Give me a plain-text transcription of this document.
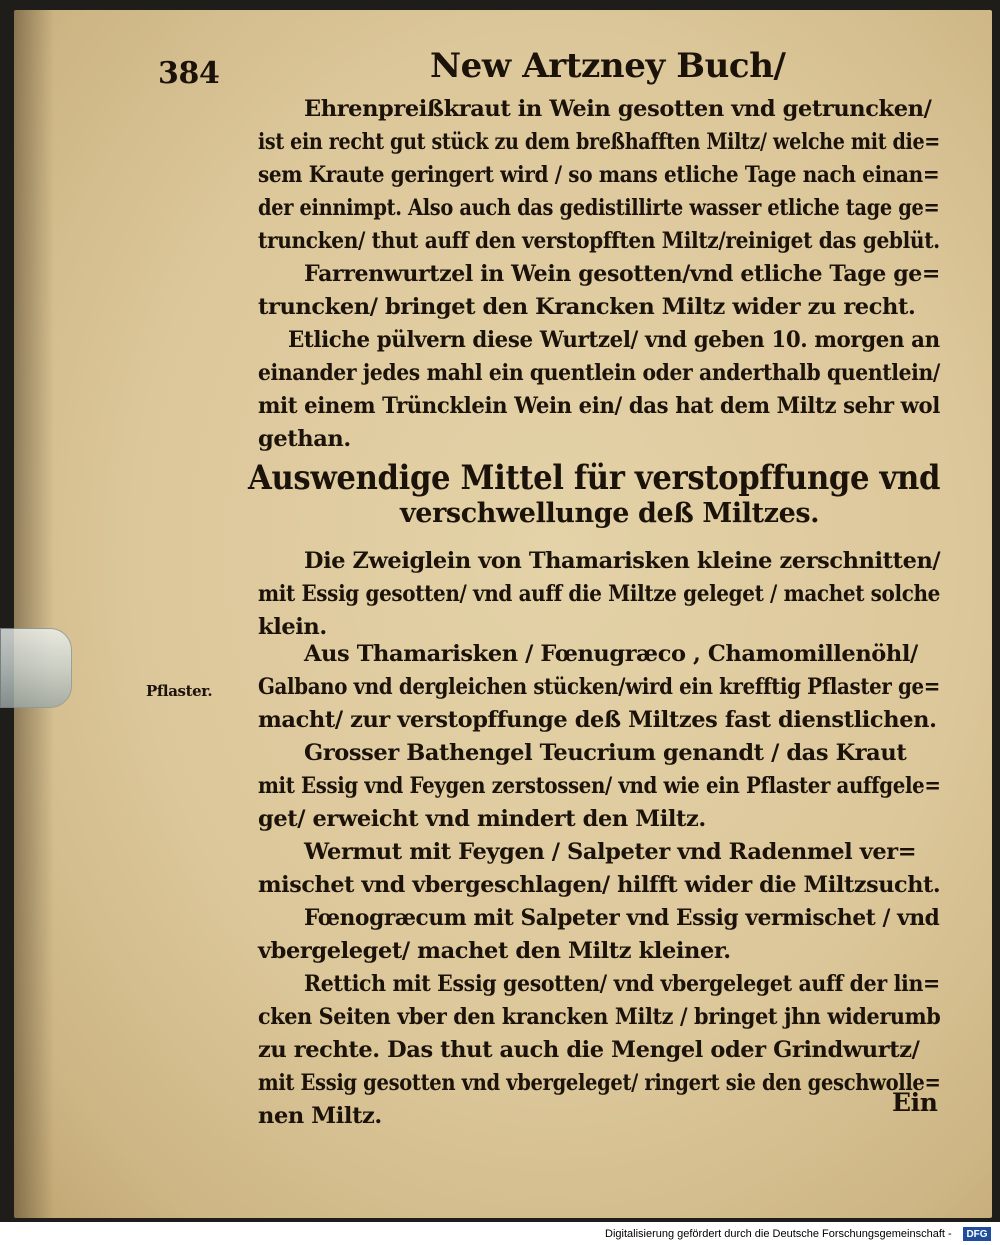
384	New Artzney Buch/
Ehrenpreißkraut in Wein gesotten vnd getruncken/
ist ein recht gut stück zu dem breßhafften Miltz/ welche mit die=
sem Kraute geringert wird / so mans etliche Tage nach einan=
der einnimpt. Also auch das gedistillirte wasser etliche tage ge=
truncken/ thut auff den verstopfften Miltz/reiniget das geblüt.
Farrenwurtzel in Wein gesotten/vnd etliche Tage ge=
truncken/ bringet den Krancken Miltz wider zu recht.
Etliche pülvern diese Wurtzel/ vnd geben 10. morgen an
einander jedes mahl ein quentlein oder anderthalb quentlein/
mit einem Trüncklein Wein ein/ das hat dem Miltz sehr wol
gethan.
Auswendige Mittel für verstopffunge vnd
verschwellunge deß Miltzes.
Die Zweiglein von Thamarisken kleine zerschnitten/
mit Essig gesotten/ vnd auff die Miltze geleget / machet solche
klein.
Aus Thamarisken / Fœnugræco , Chamomillenöhl/
Galbano vnd dergleichen stücken/wird ein krefftig Pflaster ge=
macht/ zur verstopffunge deß Miltzes fast dienstlichen.
Grosser Bathengel Teucrium genandt / das Kraut
mit Essig vnd Feygen zerstossen/ vnd wie ein Pflaster auffgele=
get/ erweicht vnd mindert den Miltz.
Wermut mit Feygen / Salpeter vnd Radenmel ver=
mischet vnd vbergeschlagen/ hilfft wider die Miltzsucht.
Fœnogræcum mit Salpeter vnd Essig vermischet / vnd
vbergeleget/ machet den Miltz kleiner.
Rettich mit Essig gesotten/ vnd vbergeleget auff der lin=
cken Seiten vber den krancken Miltz / bringet jhn widerumb
zu rechte. Das thut auch die Mengel oder Grindwurtz/
mit Essig gesotten vnd vbergeleget/ ringert sie den geschwolle=
nen Miltz.
Pflaster.
Ein
Digitalisierung gefördert durch die Deutsche Forschungsgemeinschaft -	DFG
